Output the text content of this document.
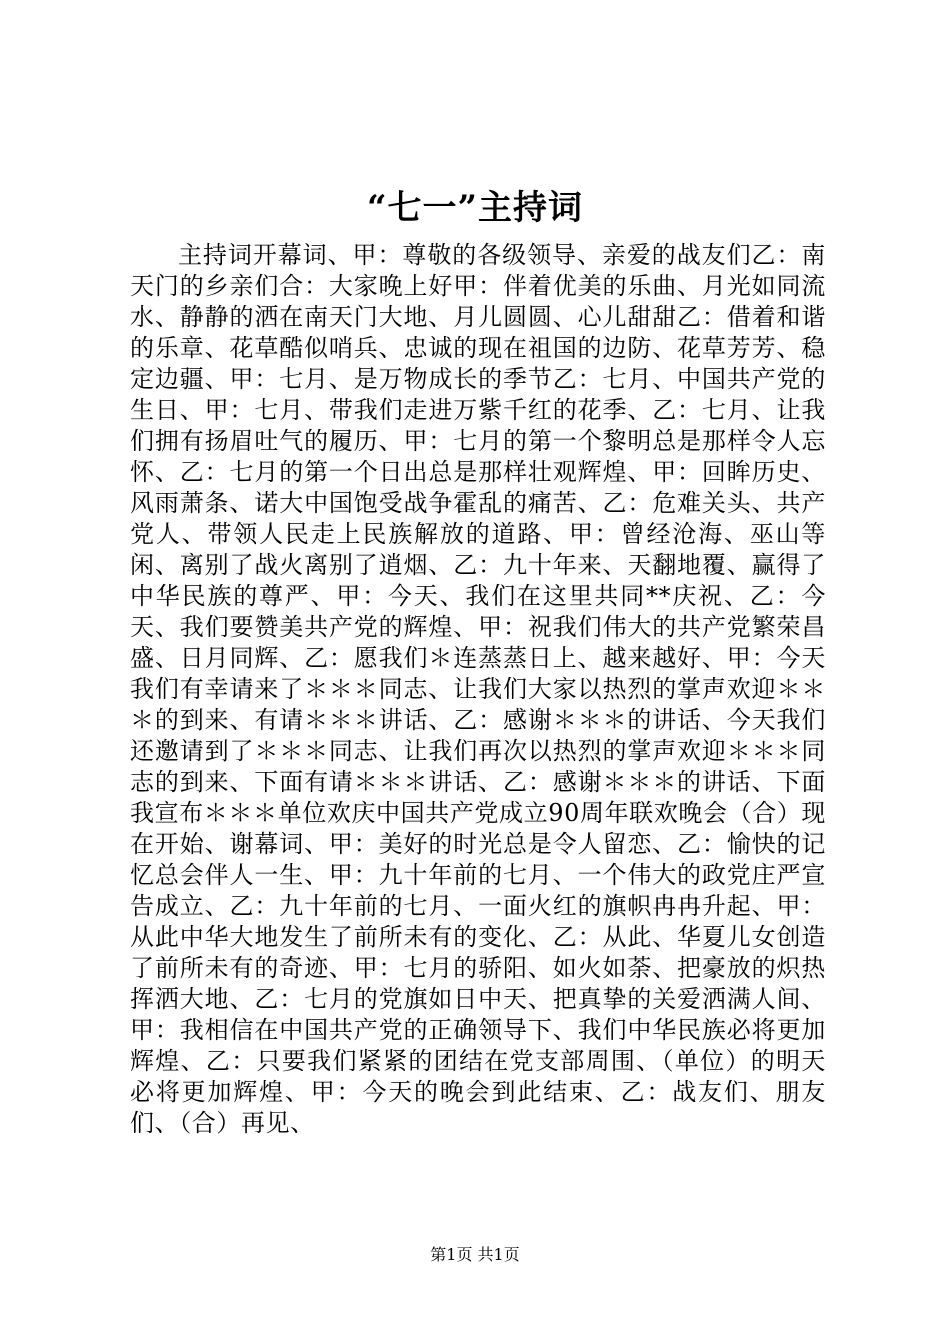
“七一”主持词

主持词开幕词、甲：尊敬的各级领导、亲爱的战友们乙：南天门的乡亲们合：大家晚上好甲：伴着优美的乐曲、月光如同流水、静静的洒在南天门大地、月儿圆圆、心儿甜甜乙：借着和谐的乐章、花草酷似哨兵、忠诚的现在祖国的边防、花草芳芳、稳定边疆、甲：七月、是万物成长的季节乙：七月、中国共产党的生日、甲：七月、带我们走进万紫千红的花季、乙：七月、让我们拥有扬眉吐气的履历、甲：七月的第一个黎明总是那样令人忘怀、乙：七月的第一个日出总是那样壮观辉煌、甲：回眸历史、风雨萧条、诺大中国饱受战争霍乱的痛苦、乙：危难关头、共产党人、带领人民走上民族解放的道路、甲：曾经沧海、巫山等闲、离别了战火离别了逍烟、乙：九十年来、天翻地覆、赢得了中华民族的尊严、甲：今天、我们在这里共同**庆祝、乙：今天、我们要赞美共产党的辉煌、甲：祝我们伟大的共产党繁荣昌盛、日月同辉、乙：愿我们＊连蒸蒸日上、越来越好、甲：今天我们有幸请来了＊＊＊同志、让我们大家以热烈的掌声欢迎＊＊＊的到来、有请＊＊＊讲话、乙：感谢＊＊＊的讲话、今天我们还邀请到了＊＊＊同志、让我们再次以热烈的掌声欢迎＊＊＊同志的到来、下面有请＊＊＊讲话、乙：感谢＊＊＊的讲话、下面我宣布＊＊＊单位欢庆中国共产党成立90周年联欢晚会（合）现在开始、谢幕词、甲：美好的时光总是令人留恋、乙：愉快的记忆总会伴人一生、甲：九十年前的七月、一个伟大的政党庄严宣告成立、乙：九十年前的七月、一面火红的旗帜冉冉升起、甲：从此中华大地发生了前所未有的变化、乙：从此、华夏儿女创造了前所未有的奇迹、甲：七月的骄阳、如火如荼、把豪放的炽热挥洒大地、乙：七月的党旗如日中天、把真挚的关爱洒满人间、甲：我相信在中国共产党的正确领导下、我们中华民族必将更加辉煌、乙：只要我们紧紧的团结在党支部周围、（单位）的明天必将更加辉煌、甲：今天的晚会到此结束、乙：战友们、朋友们、（合）再见、

第1页 共1页
